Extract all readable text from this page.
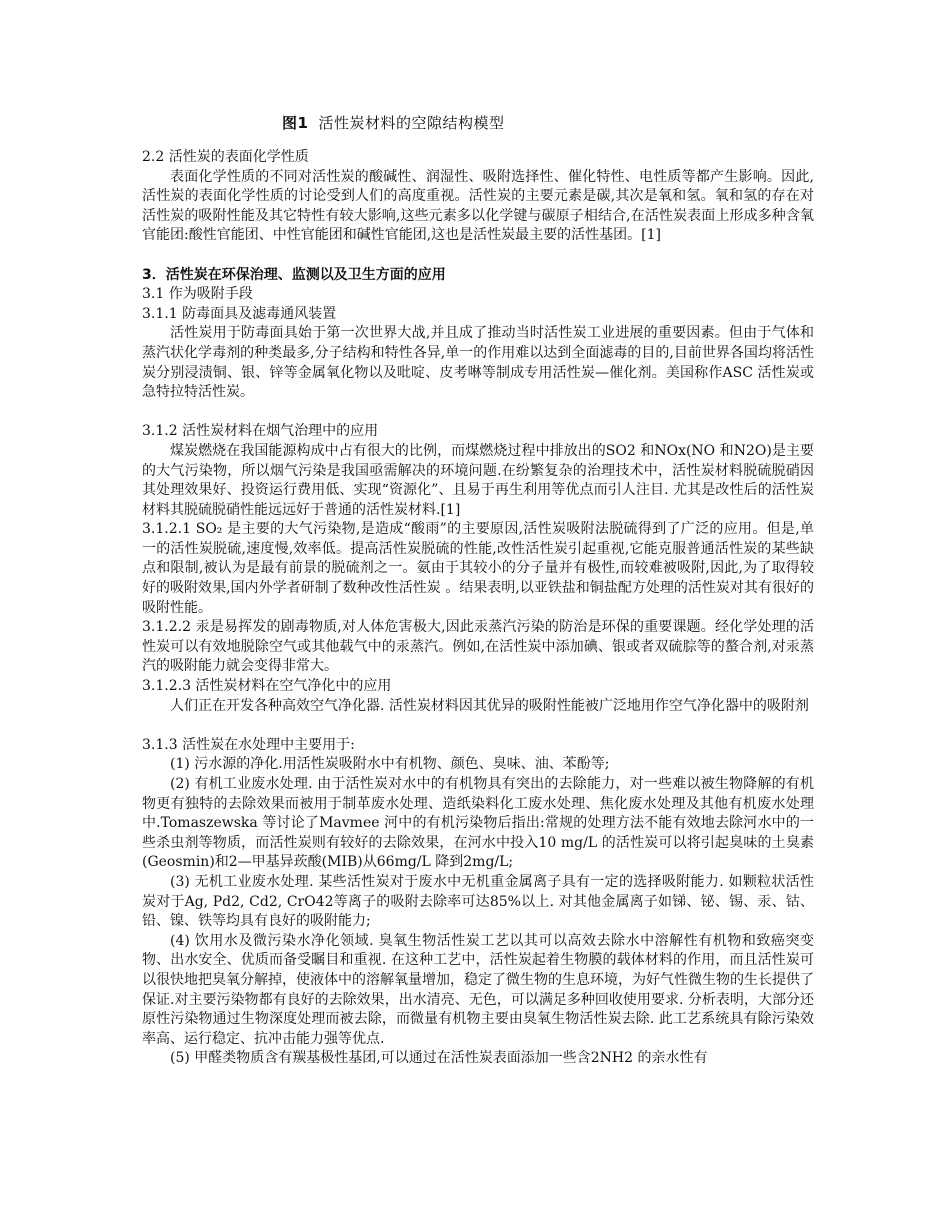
图1 活性炭材料的空隙结构模型

2.2 活性炭的表面化学性质

表面化学性质的不同对活性炭的酸碱性、润湿性、吸附选择性、催化特性、电性质等都产生影响。因此,活性炭的表面化学性质的讨论受到人们的高度重视。活性炭的主要元素是碳,其次是氧和氢。氧和氢的存在对活性炭的吸附性能及其它特性有较大影响,这些元素多以化学键与碳原子相结合,在活性炭表面上形成多种含氧官能团:酸性官能团、中性官能团和碱性官能团,这也是活性炭最主要的活性基团。[1]

3．活性炭在环保治理、监测以及卫生方面的应用

3.1 作为吸附手段

3.1.1 防毒面具及滤毒通风装置

活性炭用于防毒面具始于第一次世界大战,并且成了推动当时活性炭工业进展的重要因素。但由于气体和蒸汽状化学毒剂的种类最多,分子结构和特性各异,单一的作用难以达到全面滤毒的目的,目前世界各国均将活性炭分别浸渍铜、银、锌等金属氧化物以及吡啶、皮考啉等制成专用活性炭—催化剂。美国称作ASC 活性炭或急特拉特活性炭。

3.1.2 活性炭材料在烟气治理中的应用

煤炭燃烧在我国能源构成中占有很大的比例，而煤燃烧过程中排放出的SO2 和NOx(NO 和N2O)是主要的大气污染物，所以烟气污染是我国亟需解决的环境问题.在纷繁复杂的治理技术中，活性炭材料脱硫脱硝因其处理效果好、投资运行费用低、实现“资源化”、且易于再生利用等优点而引人注目. 尤其是改性后的活性炭材料其脱硫脱硝性能远远好于普通的活性炭材料.[1]

3.1.2.1 SO₂ 是主要的大气污染物,是造成“酸雨”的主要原因,活性炭吸附法脱硫得到了广泛的应用。但是,单一的活性炭脱硫,速度慢,效率低。提高活性炭脱硫的性能,改性活性炭引起重视,它能克服普通活性炭的某些缺点和限制,被认为是最有前景的脱硫剂之一。氨由于其较小的分子量并有极性,而较难被吸附,因此,为了取得较好的吸附效果,国内外学者研制了数种改性活性炭 。结果表明,以亚铁盐和铜盐配方处理的活性炭对其有很好的吸附性能。

3.1.2.2 汞是易挥发的剧毒物质,对人体危害极大,因此汞蒸汽污染的防治是环保的重要课题。经化学处理的活性炭可以有效地脱除空气或其他载气中的汞蒸汽。例如,在活性炭中添加碘、银或者双硫腙等的螯合剂,对汞蒸汽的吸附能力就会变得非常大。

3.1.2.3 活性炭材料在空气净化中的应用

人们正在开发各种高效空气净化器. 活性炭材料因其优异的吸附性能被广泛地用作空气净化器中的吸附剂

3.1.3 活性炭在水处理中主要用于:

(1) 污水源的净化.用活性炭吸附水中有机物、颜色、臭味、油、苯酚等;

(2) 有机工业废水处理. 由于活性炭对水中的有机物具有突出的去除能力，对一些难以被生物降解的有机物更有独特的去除效果而被用于制革废水处理、造纸染料化工废水处理、焦化废水处理及其他有机废水处理中.Tomaszewska 等讨论了Mavmee 河中的有机污染物后指出:常规的处理方法不能有效地去除河水中的一些杀虫剂等物质，而活性炭则有较好的去除效果，在河水中投入10 mg/L 的活性炭可以将引起臭味的土臭素(Geosmin)和2—甲基异莰酸(MIB)从66mg/L 降到2mg/L;

(3) 无机工业废水处理. 某些活性炭对于废水中无机重金属离子具有一定的选择吸附能力. 如颗粒状活性炭对于Ag, Pd2, Cd2, CrO42等离子的吸附去除率可达85%以上. 对其他金属离子如锑、铋、锡、汞、钴、铅、镍、铁等均具有良好的吸附能力;

(4) 饮用水及微污染水净化领域. 臭氧生物活性炭工艺以其可以高效去除水中溶解性有机物和致癌突变物、出水安全、优质而备受瞩目和重视. 在这种工艺中，活性炭起着生物膜的载体材料的作用，而且活性炭可以很快地把臭氧分解掉，使液体中的溶解氧量增加，稳定了微生物的生息环境，为好气性微生物的生长提供了保证.对主要污染物都有良好的去除效果，出水清亮、无色，可以满足多种回收使用要求. 分析表明，大部分还原性污染物通过生物深度处理而被去除，而微量有机物主要由臭氧生物活性炭去除. 此工艺系统具有除污染效率高、运行稳定、抗冲击能力强等优点.

(5) 甲醛类物质含有羰基极性基团,可以通过在活性炭表面添加一些含2NH2 的亲水性有
